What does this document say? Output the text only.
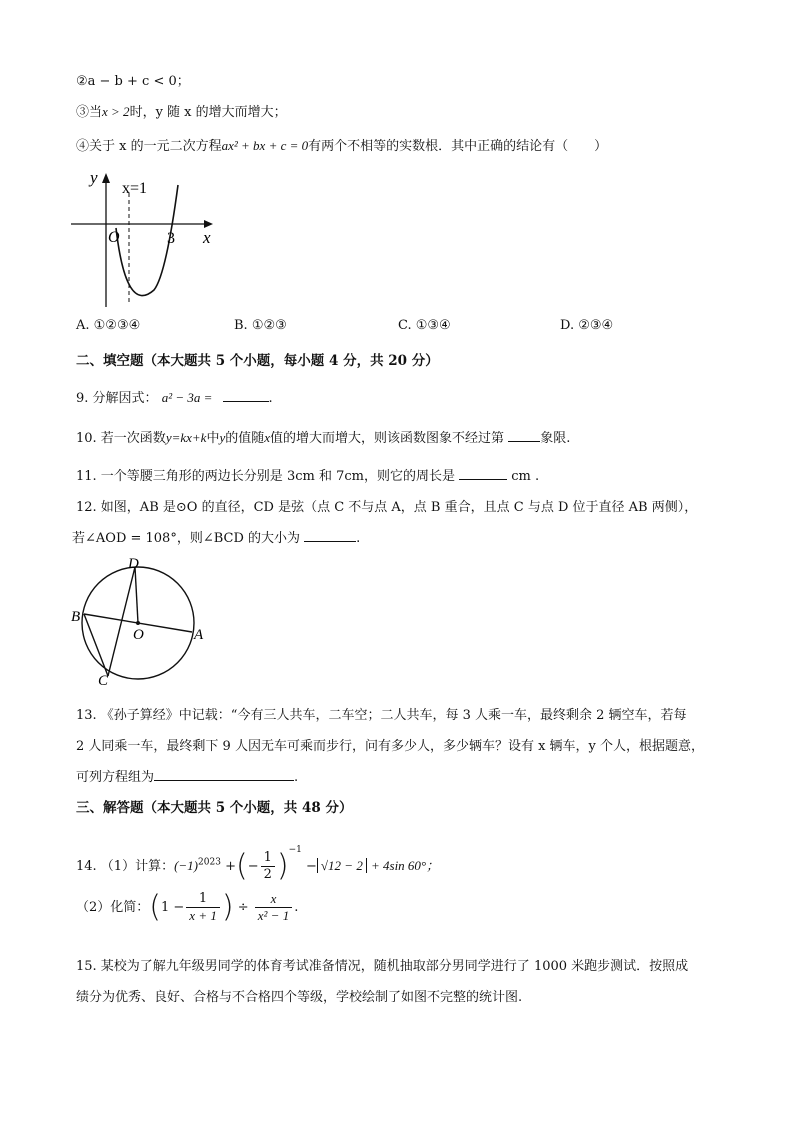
②a − b + c < 0；
③当x > 2时，y 随 x 的增大而增大；
④关于 x 的一元二次方程ax² + bx + c = 0有两个不相等的实数根．其中正确的结论有（　　）
y
x
x=1
O	3
A. ①②③④	B. ①②③	C. ①③④	D. ②③④
二、填空题（本大题共 5 个小题，每小题 4 分，共 20 分）
9. 分解因式： a² − 3a =	.
10. 若一次函数y=kx+k中y的值随x值的增大而增大，则该函数图象不经过第	象限.
11. 一个等腰三角形的两边长分别是 3cm 和 7cm，则它的周长是	cm .
12. 如图，AB 是⊙O 的直径，CD 是弦（点 C 不与点 A，点 B 重合，且点 C 与点 D 位于直径 AB 两侧），
若∠AOD = 108°，则∠BCD 的大小为	.
D
B
O	A
C
13. 《孙子算经》中记载：“今有三人共车，二车空；二人共车，每 3 人乘一车，最终剩余 2 辆空车，若每
2 人同乘一车，最终剩下 9 人因无车可乘而步行，问有多少人，多少辆车？设有 x 辆车，y 个人，根据题意，
可列方程组为	.
三、解答题（本大题共 5 个小题，共 48 分）
14. （1）计算：$(-1)^{2023}$ +(− $\frac{1}{2} )^{-1} - √12 - 2 + 4\sin$ 60°；
（2）化简：($1 - \frac{1}{x + 1}$ ) ÷ $\frac{x}{\text{x² − 1}}$ .
15. 某校为了解九年级男同学的体育考试准备情况，随机抽取部分男同学进行了 1000 米跑步测试．按照成
绩分为优秀、良好、合格与不合格四个等级，学校绘制了如图不完整的统计图.
